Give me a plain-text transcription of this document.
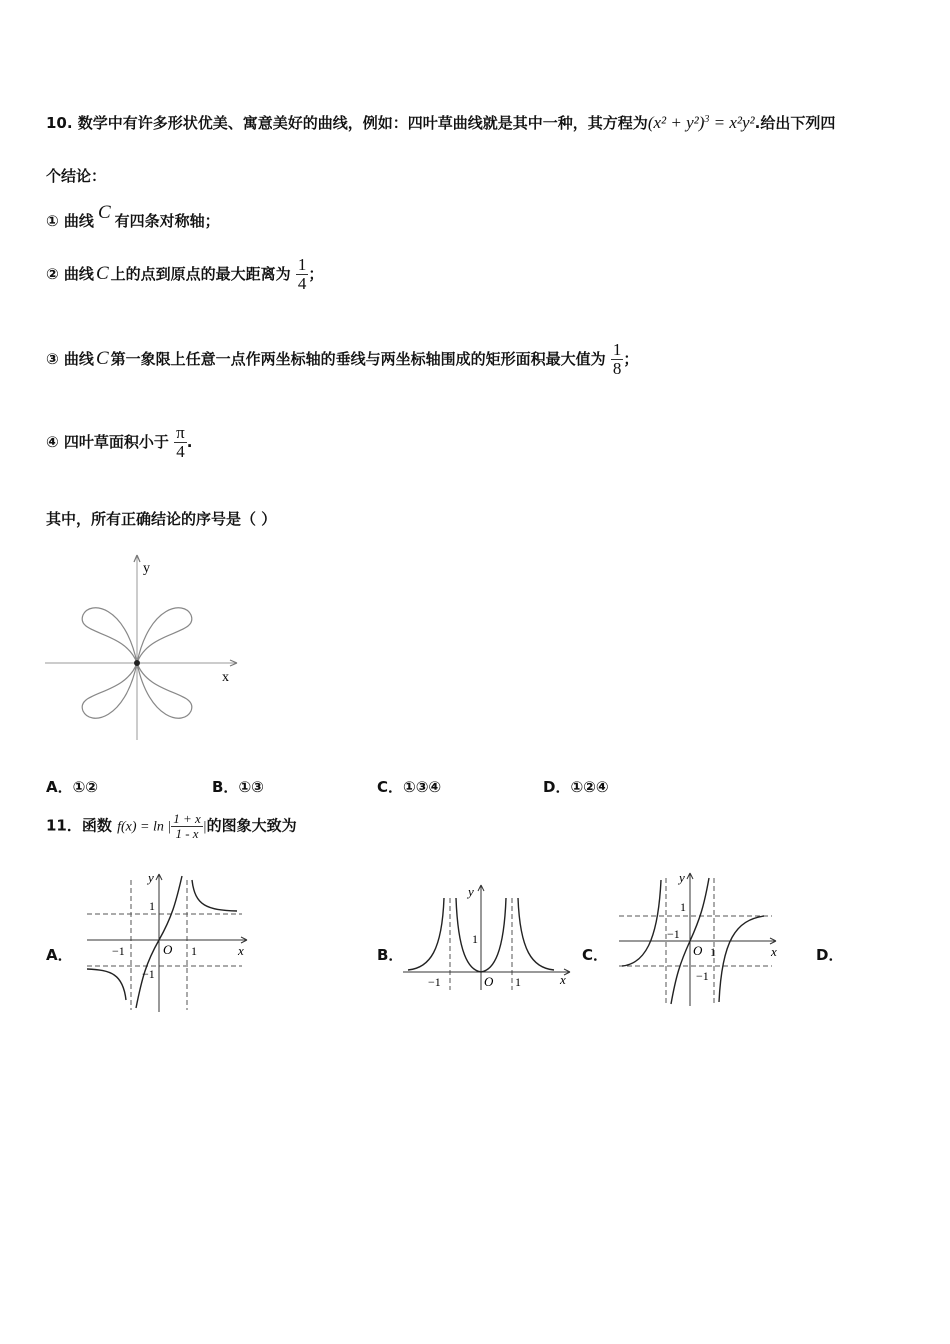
10. 数学中有许多形状优美、寓意美好的曲线，例如：四叶草曲线就是其中一种，其方程为$(x^2 + y^2)^3 = x^2y^2$.给出下列四
个结论：
① 曲线 C 有四条对称轴；
② 曲线 C 上的点到原点的最大距离为 $\frac{1}{4}$ ；
③ 曲线 C 第一象限上任意一点作两坐标轴的垂线与两坐标轴围成的矩形面积最大值为 $\frac{1}{8}$ ；
④ 四叶草面积小于 $\frac{\pi}{4}$ .
其中，所有正确结论的序号是（ ）
y
x
A．①②	B．①③	C．①③④	D．①②④
11．函数 f(x) = ln | $\frac{1 + x}{1 - x}$ |的图象大致为
A．	B．	C．	D．
y
x
O 1
−1
1
−1
y
x
O 1
−1
1
y
x
O 1
−1
1
−1
